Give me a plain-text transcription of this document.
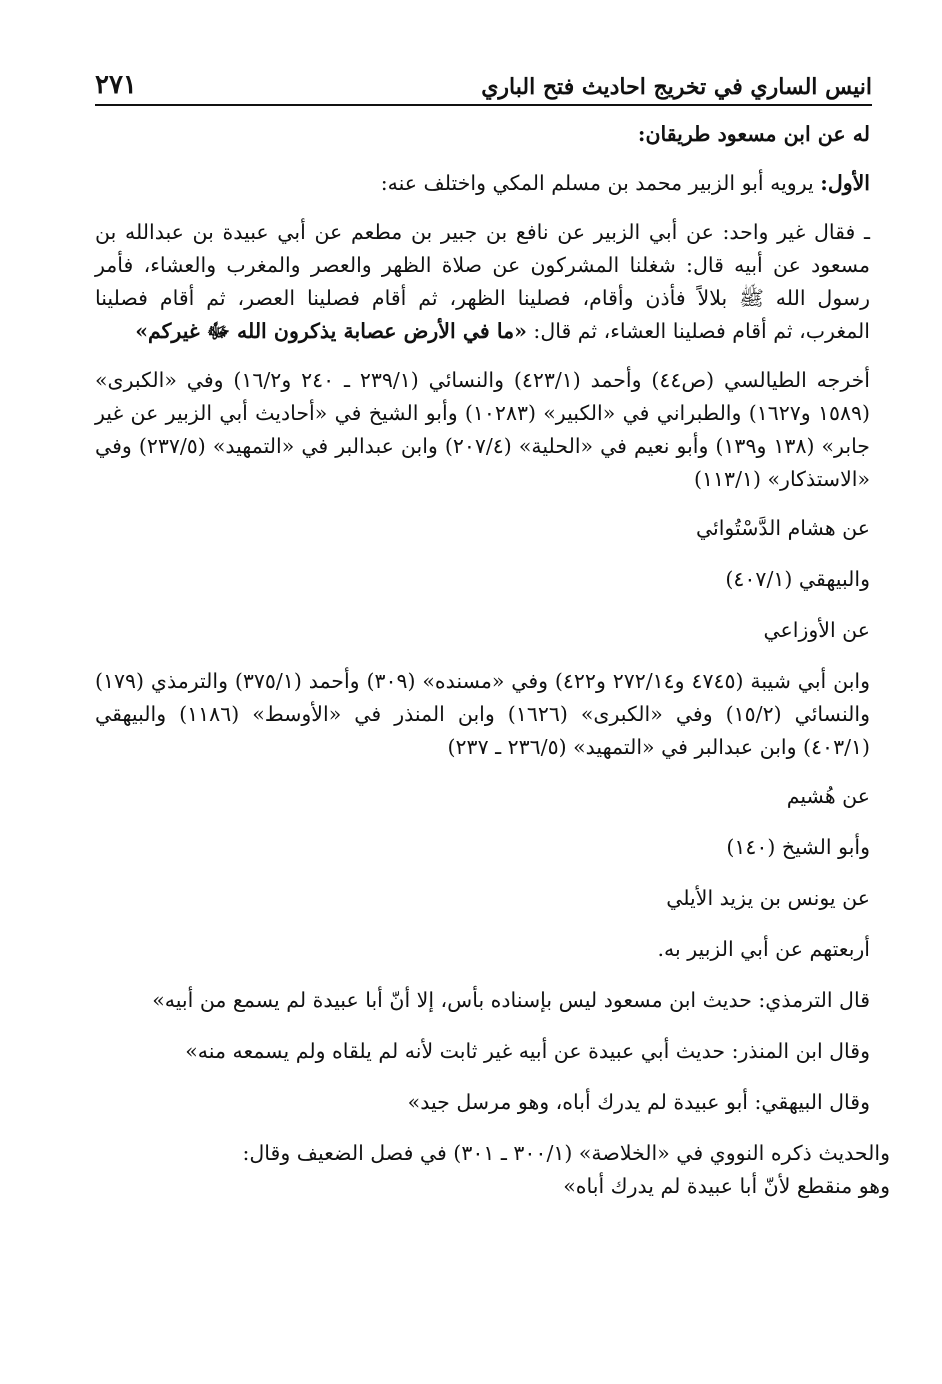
انيس الساري في تخريج احاديث فتح الباري
٢٧١

له عن ابن مسعود طريقان:

الأول: يرويه أبو الزبير محمد بن مسلم المكي واختلف عنه:

ـ فقال غير واحد: عن أبي الزبير عن نافع بن جبير بن مطعم عن أبي عبيدة بن عبدالله بن مسعود عن أبيه قال: شغلنا المشركون عن صلاة الظهر والعصر والمغرب والعشاء، فأمر رسول الله ﷺ بلالاً فأذن وأقام، فصلينا الظهر، ثم أقام فصلينا العصر، ثم أقام فصلينا المغرب، ثم أقام فصلينا العشاء، ثم قال: «ما في الأرض عصابة يذكرون الله ﷻ غيركم»

أخرجه الطيالسي (ص٤٤) وأحمد (٤٢٣/١) والنسائي (٢٣٩/١ ـ ٢٤٠ و١٦/٢) وفي «الكبرى» (١٥٨٩ و١٦٢٧) والطبراني في «الكبير» (١٠٢٨٣) وأبو الشيخ في «أحاديث أبي الزبير عن غير جابر» (١٣٨ و١٣٩) وأبو نعيم في «الحلية» (٢٠٧/٤) وابن عبدالبر في «التمهيد» (٢٣٧/٥) وفي «الاستذكار» (١١٣/١)

عن هشام الدَّسْتُوائي

والبيهقي (٤٠٧/١)

عن الأوزاعي

وابن أبي شيبة (٤٧٤٥ و٢٧٢/١٤ و٤٢٢) وفي «مسنده» (٣٠٩) وأحمد (٣٧٥/١) والترمذي (١٧٩) والنسائي (١٥/٢) وفي «الكبرى» (١٦٢٦) وابن المنذر في «الأوسط» (١١٨٦) والبيهقي (٤٠٣/١) وابن عبدالبر في «التمهيد» (٢٣٦/٥ ـ ٢٣٧)

عن هُشيم

وأبو الشيخ (١٤٠)

عن يونس بن يزيد الأيلي

أربعتهم عن أبي الزبير به.

قال الترمذي: حديث ابن مسعود ليس بإسناده بأس، إلا أنّ أبا عبيدة لم يسمع من أبيه»

وقال ابن المنذر: حديث أبي عبيدة عن أبيه غير ثابت لأنه لم يلقاه ولم يسمعه منه»

وقال البيهقي: أبو عبيدة لم يدرك أباه، وهو مرسل جيد»

والحديث ذكره النووي في «الخلاصة» (٣٠٠/١ ـ ٣٠١) في فصل الضعيف وقال:
وهو منقطع لأنّ أبا عبيدة لم يدرك أباه»
